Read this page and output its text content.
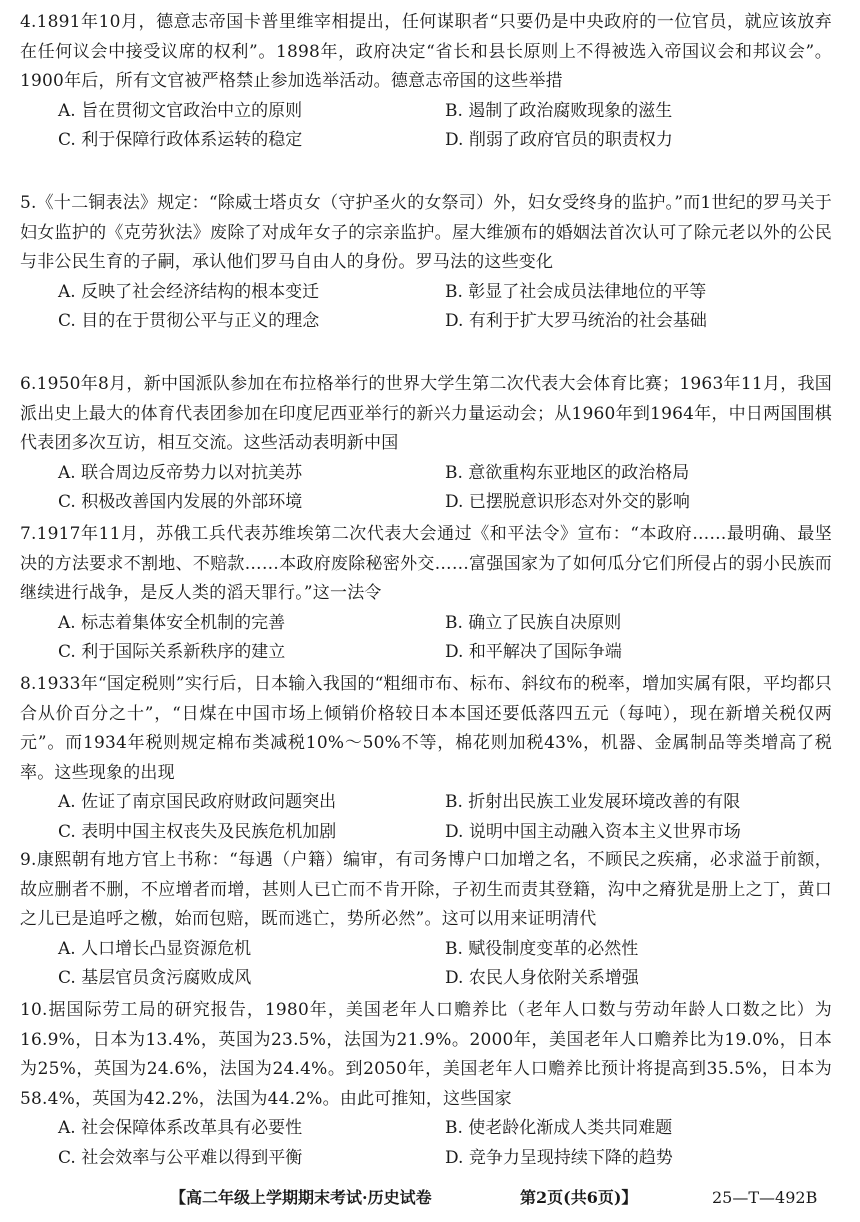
4.1891年10月，德意志帝国卡普里维宰相提出，任何谋职者“只要仍是中央政府的一位官员，就应该放弃在任何议会中接受议席的权利”。1898年，政府决定“省长和县长原则上不得被选入帝国议会和邦议会”。1900年后，所有文官被严格禁止参加选举活动。德意志帝国的这些举措

A. 旨在贯彻文官政治中立的原则	B. 遏制了政治腐败现象的滋生
C. 利于保障行政体系运转的稳定	D. 削弱了政府官员的职责权力

5.《十二铜表法》规定：“除威士塔贞女（守护圣火的女祭司）外，妇女受终身的监护。”而1世纪的罗马关于妇女监护的《克劳狄法》废除了对成年女子的宗亲监护。屋大维颁布的婚姻法首次认可了除元老以外的公民与非公民生育的子嗣，承认他们罗马自由人的身份。罗马法的这些变化

A. 反映了社会经济结构的根本变迁	B. 彰显了社会成员法律地位的平等
C. 目的在于贯彻公平与正义的理念	D. 有利于扩大罗马统治的社会基础

6.1950年8月，新中国派队参加在布拉格举行的世界大学生第二次代表大会体育比赛；1963年11月，我国派出史上最大的体育代表团参加在印度尼西亚举行的新兴力量运动会；从1960年到1964年，中日两国围棋代表团多次互访，相互交流。这些活动表明新中国

A. 联合周边反帝势力以对抗美苏	B. 意欲重构东亚地区的政治格局
C. 积极改善国内发展的外部环境	D. 已摆脱意识形态对外交的影响

7.1917年11月，苏俄工兵代表苏维埃第二次代表大会通过《和平法令》宣布：“本政府……最明确、最坚决的方法要求不割地、不赔款……本政府废除秘密外交……富强国家为了如何瓜分它们所侵占的弱小民族而继续进行战争，是反人类的滔天罪行。”这一法令

A. 标志着集体安全机制的完善	B. 确立了民族自决原则
C. 利于国际关系新秩序的建立	D. 和平解决了国际争端

8.1933年“国定税则”实行后，日本输入我国的“粗细市布、标布、斜纹布的税率，增加实属有限，平均都只合从价百分之十”，“日煤在中国市场上倾销价格较日本本国还要低落四五元（每吨），现在新增关税仅两元”。而1934年税则规定棉布类减税10%～50%不等，棉花则加税43%，机器、金属制品等类增高了税率。这些现象的出现

A. 佐证了南京国民政府财政问题突出	B. 折射出民族工业发展环境改善的有限
C. 表明中国主权丧失及民族危机加剧	D. 说明中国主动融入资本主义世界市场

9.康熙朝有地方官上书称：“每遇（户籍）编审，有司务博户口加增之名，不顾民之疾痛，必求溢于前额，故应删者不删，不应增者而增，甚则人已亡而不肯开除，子初生而责其登籍，沟中之瘠犹是册上之丁，黄口之儿已是追呼之檄，始而包赔，既而逃亡，势所必然”。这可以用来证明清代

A. 人口增长凸显资源危机	B. 赋役制度变革的必然性
C. 基层官员贪污腐败成风	D. 农民人身依附关系增强

10.据国际劳工局的研究报告，1980年，美国老年人口赡养比（老年人口数与劳动年龄人口数之比）为16.9%，日本为13.4%，英国为23.5%，法国为21.9%。2000年，美国老年人口赡养比为19.0%，日本为25%，英国为24.6%，法国为24.4%。到2050年，美国老年人口赡养比预计将提高到35.5%，日本为58.4%，英国为42.2%，法国为44.2%。由此可推知，这些国家

A. 社会保障体系改革具有必要性	B. 使老龄化渐成人类共同难题
C. 社会效率与公平难以得到平衡	D. 竞争力呈现持续下降的趋势
【高二年级上学期期末考试·历史试卷	第2页(共6页)】	25—T—492B
